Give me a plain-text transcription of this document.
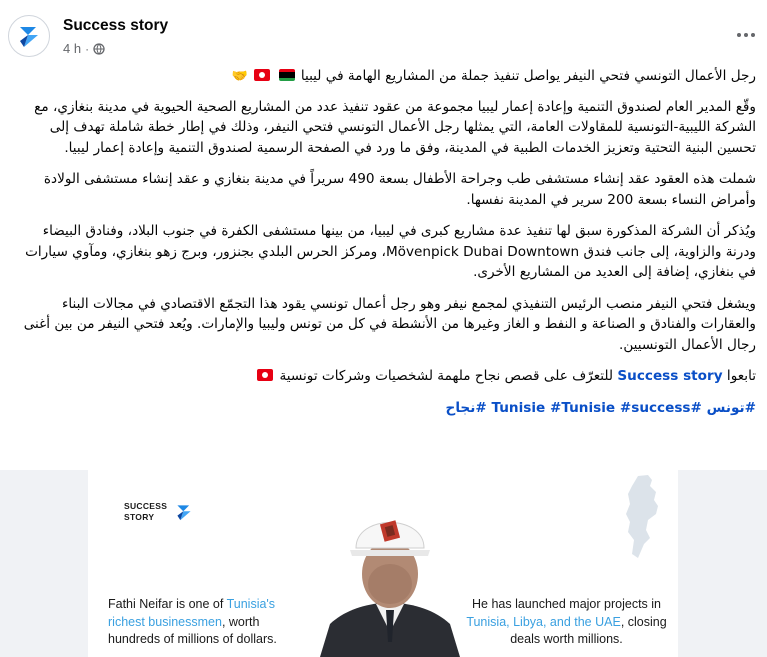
Success story
4 h ·

رجل الأعمال التونسي فتحي النيفر يواصل تنفيذ جملة من المشاريع الهامة في ليبيا   🤝

وقّع المدير العام لصندوق التنمية وإعادة إعمار ليبيا مجموعة من عقود تنفيذ عدد من المشاريع الصحية الحيوية في مدينة بنغازي، مع الشركة الليبية-التونسية للمقاولات العامة، التي يمثلها رجل الأعمال التونسي فتحي النيفر، وذلك في إطار خطة شاملة تهدف إلى تحسين البنية التحتية وتعزيز الخدمات الطبية في المدينة، وفق ما ورد في الصفحة الرسمية لصندوق التنمية وإعادة إعمار ليبيا.

شملت هذه العقود عقد إنشاء مستشفى طب وجراحة الأطفال بسعة 490 سريراً في مدينة بنغازي و عقد إنشاء مستشفى الولادة وأمراض النساء بسعة 200 سرير في المدينة نفسها.

ويُذكر أن الشركة المذكورة سبق لها تنفيذ عدة مشاريع كبرى في ليبيا، من بينها مستشفى الكفرة في جنوب البلاد، وفنادق البيضاء ودرنة والزاوية، إلى جانب فندق Mövenpick Dubai Downtown، ومركز الحرس البلدي بجنزور، وبرج زهو بنغازي، ومآوي سيارات في بنغازي، إضافة إلى العديد من المشاريع الأخرى.

ويشغل فتحي النيفر منصب الرئيس التنفيذي لمجمع نيفر وهو رجل أعمال تونسي يقود هذا التجمّع الاقتصادي في مجالات البناء والعقارات والفنادق و الصناعة و النفط و الغاز وغيرها من الأنشطة في كل من تونس وليبيا والإمارات. ويُعد فتحي النيفر من بين أغنى رجال الأعمال التونسيين.

تابعوا Success story للتعرّف على قصص نجاح ملهمة لشخصيات وشركات تونسية

#تونس #Tunisie #Tunisie #success #نجاح

SUCCESS
STORY
Fathi Neifar is one of Tunisia's richest businessmen, worth hundreds of millions of dollars.
He has launched major projects in Tunisia, Libya, and the UAE, closing deals worth millions.
